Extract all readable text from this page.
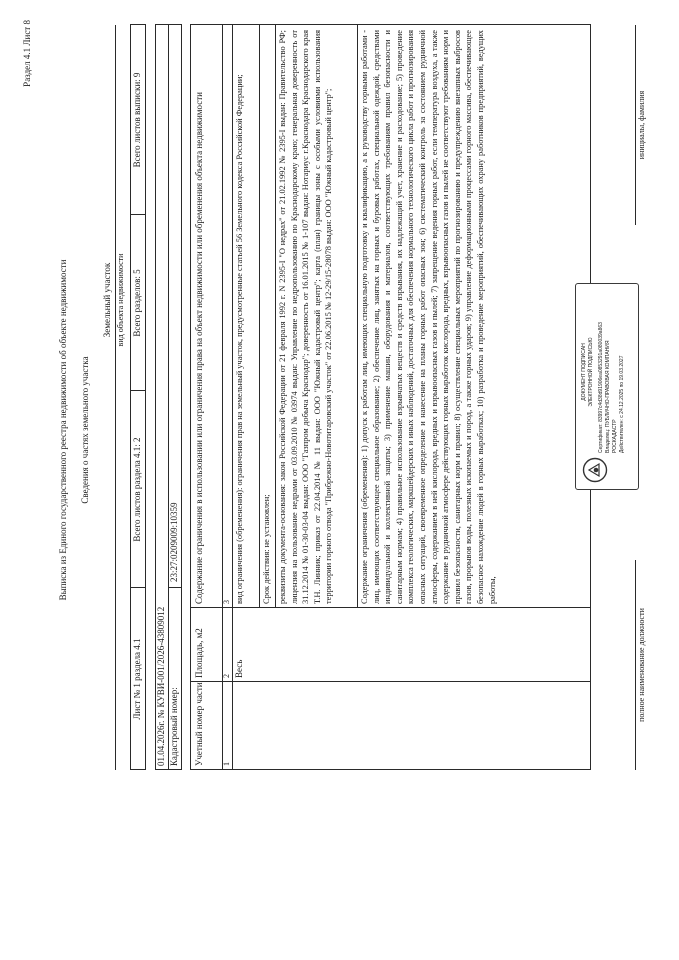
Раздел 4.1 Лист 8
Выписка из Единого государственного реестра недвижимости об объекте недвижимости Сведения о частях земельного участка
Земельный участок вид объекта недвижимости
Лист № 1 раздела 4.1
Всего листов раздела 4.1: 2
Всего разделов: 5
Всего листов выписки: 9
01.04.2026г. № КУВИ-001/2026-43809012 Кадастровый номер:
23:27:0209009:10359
Учетный номер части
Площадь, м2
Содержание ограничения в использовании или ограничения права на объект недвижимости или обременения объекта недвижимости
1
2
3
Весь
вид ограничения (обременения): ограничения прав на земельный участок, предусмотренные статьей 56 Земельного кодекса Российской Федерации; Срок действия: не установлен; реквизиты документа-основания: закон Российской Федерации от 21 февраля 1992 г. N 2395-I "О недрах" от 21.02.1992 № 2395-I выдан: Правительство РФ; лицензия на пользование недрами от 03.09.2010 № 03974 выдан: Управление по недропользованию по Краснодарскому краю; генеральная доверенность от 31.12.2014 № 01-30-03-04 выдан: ООО "Газпром добыча Краснодар"; доверенность от 16.01.2015 № 1-107 выдан: Нотариус г.Краснодара Краснодарского края Т.Н. Линник; приказ от 22.04.2014 № 11 выдан: ООО "Южный кадастровый центр"; карта (план) границы зоны с особыми условиями использования территории горного отвода "Прибрежно-Новотитаровский участок" от 22.06.2015 № 12-29/15-28078 выдан: ООО "Южный кадастровый центр";	Содержание ограничения (обременения): 1) допуск к работам лиц, имеющих специальную подготовку и квалификацию, а к руководству горными работами - лиц, имеющих соответствующее специальное образование; 2) обеспечение лиц, занятых на горных и буровых работах, специальной одеждой, средствами индивидуальной и коллективной защиты; 3) применение машин, оборудования и материалов, соответствующих требованиям правил безопасности и санитарным нормам; 4) правильное использование взрывчатых веществ и средств взрывания, их надлежащий учет, хранение и расходование; 5) проведение комплекса геологических, маркшейдерских и иных наблюдений, достаточных для обеспечения нормального технологического цикла работ и прогнозирования опасных ситуаций, своевременное определение и нанесение на планы горных работ опасных зон; 6) систематический контроль за состоянием рудничной атмосферы, содержанием в ней кислорода, вредных и взрывоопасных газов и пылей; 7) запрещение ведения горных работ, если температура воздуха, а также содержание в рудничной атмосфере действующих горных выработок кислорода, вредных, взрывоопасных газов и пылей не соответствуют требованиям норм и правил безопасности, санитарных норм и правил; 8) осуществление специальных мероприятий по прогнозированию и предупреждению внезапных выбросов газов, прорывов воды, полезных ископаемых и пород, а также горных ударов; 9) управление деформационными процессами горного массива, обеспечивающее безопасное нахождение людей в горных выработках; 10) разработка и проведение мероприятий, обеспечивающих охрану работников предприятий, ведущих работы,
полное наименование должности
инициалы, фамилия
ДОКУМЕНТ ПОДПИСАН ЭЛЕКТРОННОЙ ПОДПИСЬЮ Сертификат: 83997c4d38d91906ea0853291a080039a863 Владелец: ПУБЛИЧНО-ПРАВОВАЯ КОМПАНИЯ РОСКАДАСТР Действителен: с 24.12.2025 по 19.03.2027
